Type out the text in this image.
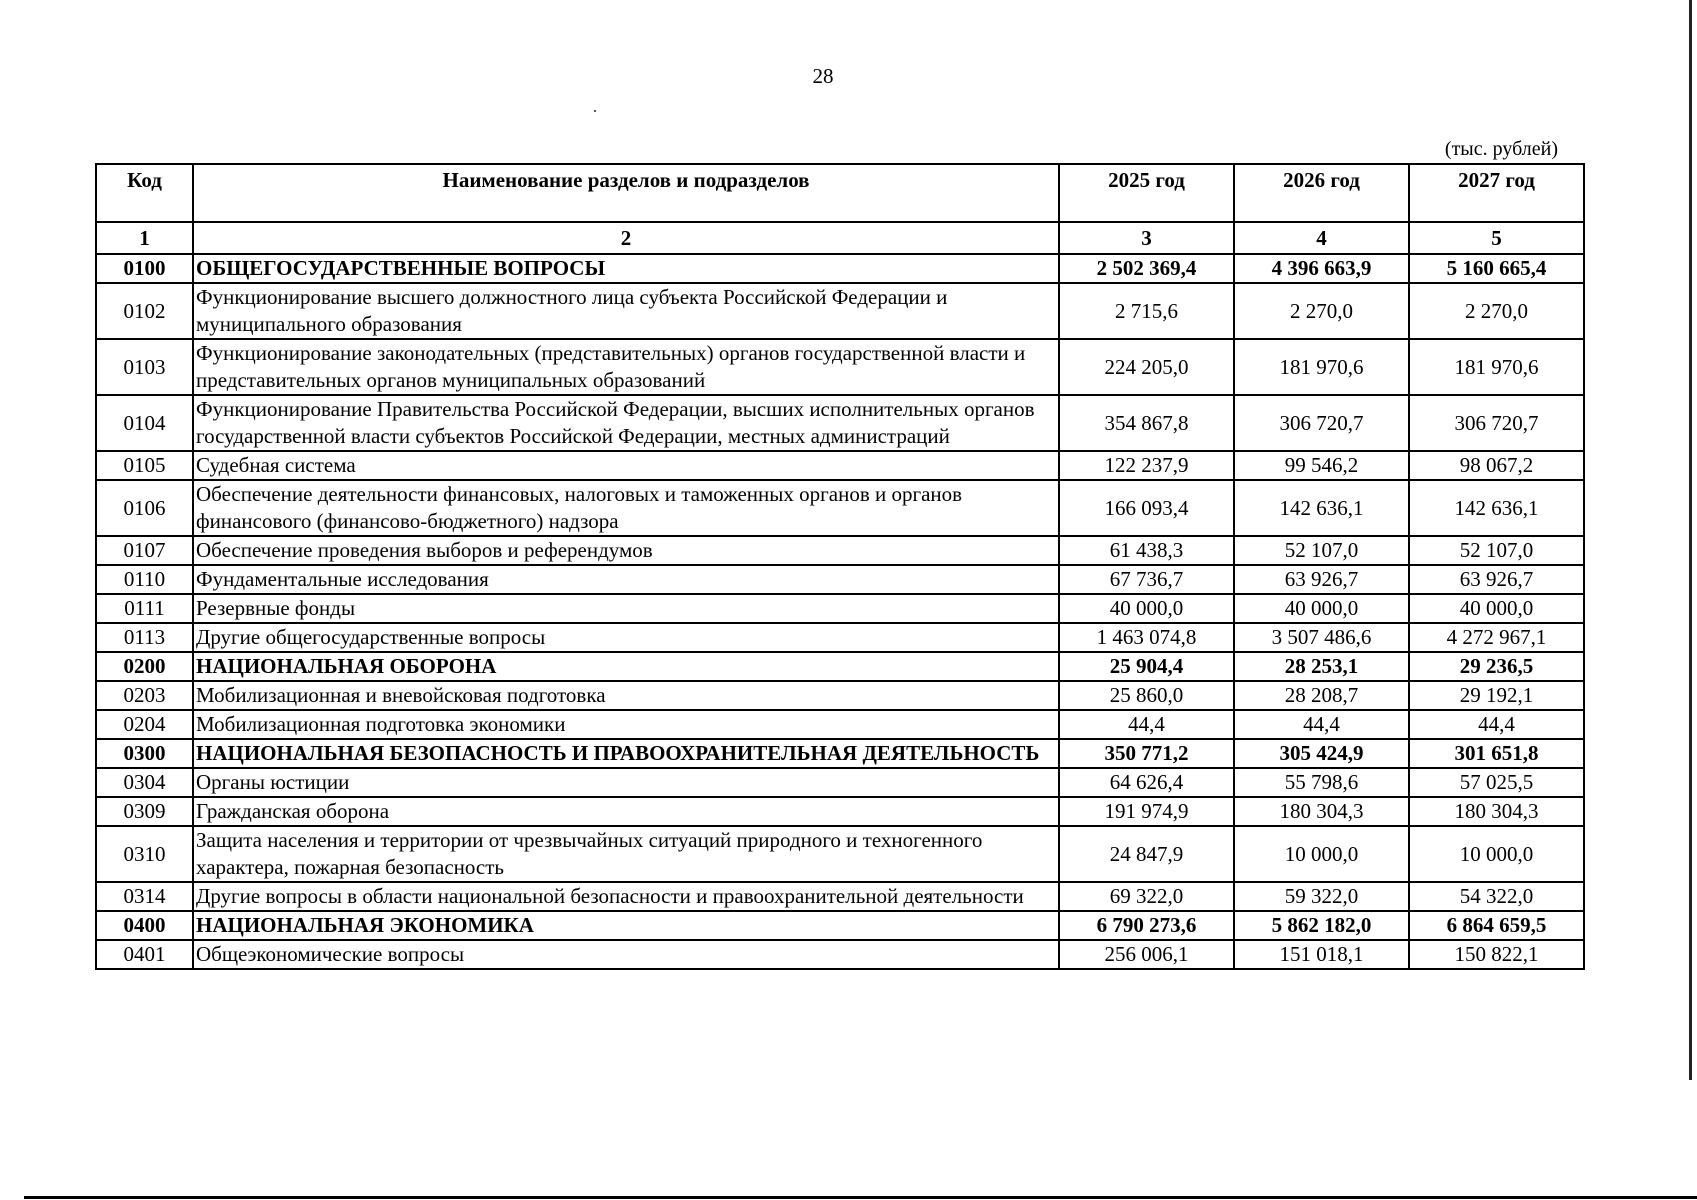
28
(тыс. рублей)
Код	Наименование разделов и подразделов	2025 год	2026 год	2027 год
1	2	3	4	5
0100	ОБЩЕГОСУДАРСТВЕННЫЕ ВОПРОСЫ	2 502 369,4	4 396 663,9	5 160 665,4
0102	Функционирование высшего должностного лица субъекта Российской Федерации и муниципального образования	2 715,6	2 270,0	2 270,0
0103	Функционирование законодательных (представительных) органов государственной власти и представительных органов муниципальных образований	224 205,0	181 970,6	181 970,6
0104	Функционирование Правительства Российской Федерации, высших исполнительных органов государственной власти субъектов Российской Федерации, местных администраций	354 867,8	306 720,7	306 720,7
0105	Судебная система	122 237,9	99 546,2	98 067,2
0106	Обеспечение деятельности финансовых, налоговых и таможенных органов и органов финансового (финансово-бюджетного) надзора	166 093,4	142 636,1	142 636,1
0107	Обеспечение проведения выборов и референдумов	61 438,3	52 107,0	52 107,0
0110	Фундаментальные исследования	67 736,7	63 926,7	63 926,7
0111	Резервные фонды	40 000,0	40 000,0	40 000,0
0113	Другие общегосударственные вопросы	1 463 074,8	3 507 486,6	4 272 967,1
0200	НАЦИОНАЛЬНАЯ ОБОРОНА	25 904,4	28 253,1	29 236,5
0203	Мобилизационная и вневойсковая подготовка	25 860,0	28 208,7	29 192,1
0204	Мобилизационная подготовка экономики	44,4	44,4	44,4
0300	НАЦИОНАЛЬНАЯ БЕЗОПАСНОСТЬ И ПРАВООХРАНИТЕЛЬНАЯ ДЕЯТЕЛЬНОСТЬ	350 771,2	305 424,9	301 651,8
0304	Органы юстиции	64 626,4	55 798,6	57 025,5
0309	Гражданская оборона	191 974,9	180 304,3	180 304,3
0310	Защита населения и территории от чрезвычайных ситуаций природного и техногенного характера, пожарная безопасность	24 847,9	10 000,0	10 000,0
0314	Другие вопросы в области национальной безопасности и правоохранительной деятельности	69 322,0	59 322,0	54 322,0
0400	НАЦИОНАЛЬНАЯ ЭКОНОМИКА	6 790 273,6	5 862 182,0	6 864 659,5
0401	Общеэкономические вопросы	256 006,1	151 018,1	150 822,1
